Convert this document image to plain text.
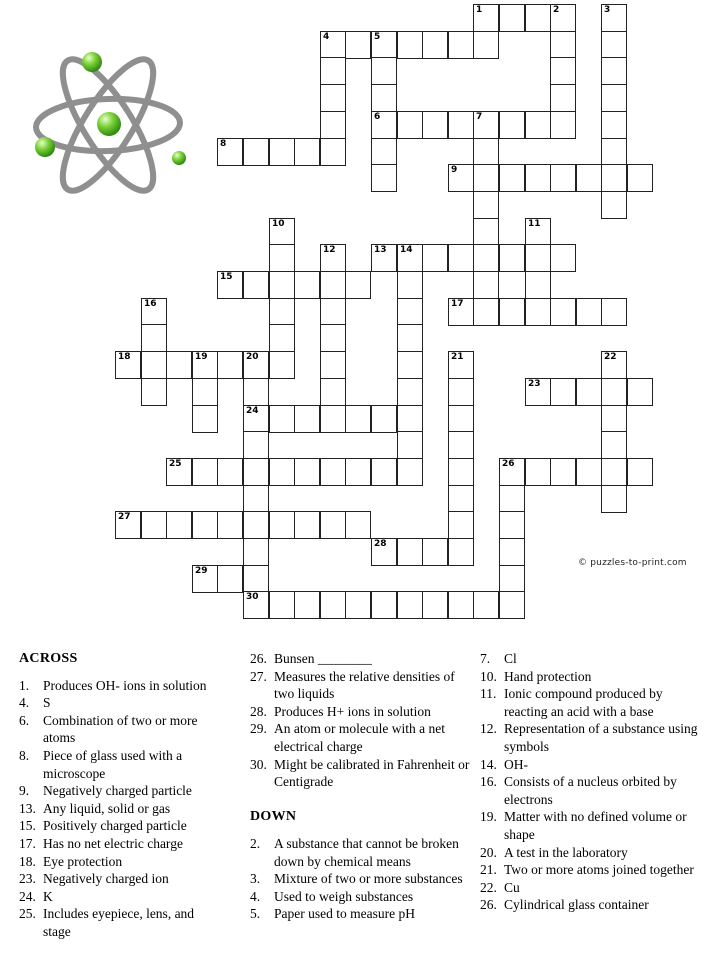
1	2	3
4	5
6	7
8
9
10	11
12	13 14
15
16	17
18	19	20	21	22
23
24
25	26
27
28
29
30
© puzzles-to-print.com
ACROSS
1.	Produces OH- ions in solution
4.	S
6.	Combination of two or more atoms
8.	Piece of glass used with a microscope
9.	Negatively charged particle
13. Any liquid, solid or gas
15. Positively charged particle
17. Has no net electric charge
18. Eye protection
23. Negatively charged ion
24. K
25. Includes eyepiece, lens, and stage
26. Bunsen ________
27. Measures the relative densities of two liquids
28. Produces H+ ions in solution
29. An atom or molecule with a net electrical charge
30. Might be calibrated in Fahrenheit or Centigrade
DOWN
2.	A substance that cannot be broken down by chemical means
3.	Mixture of two or more substances
4.	Used to weigh substances
5.	Paper used to measure pH
7.	Cl
10. Hand protection
11. Ionic compound produced by reacting an acid with a base
12. Representation of a substance using symbols
14. OH-
16. Consists of a nucleus orbited by electrons
19. Matter with no defined volume or shape
20. A test in the laboratory
21. Two or more atoms joined together
22. Cu
26. Cylindrical glass container
